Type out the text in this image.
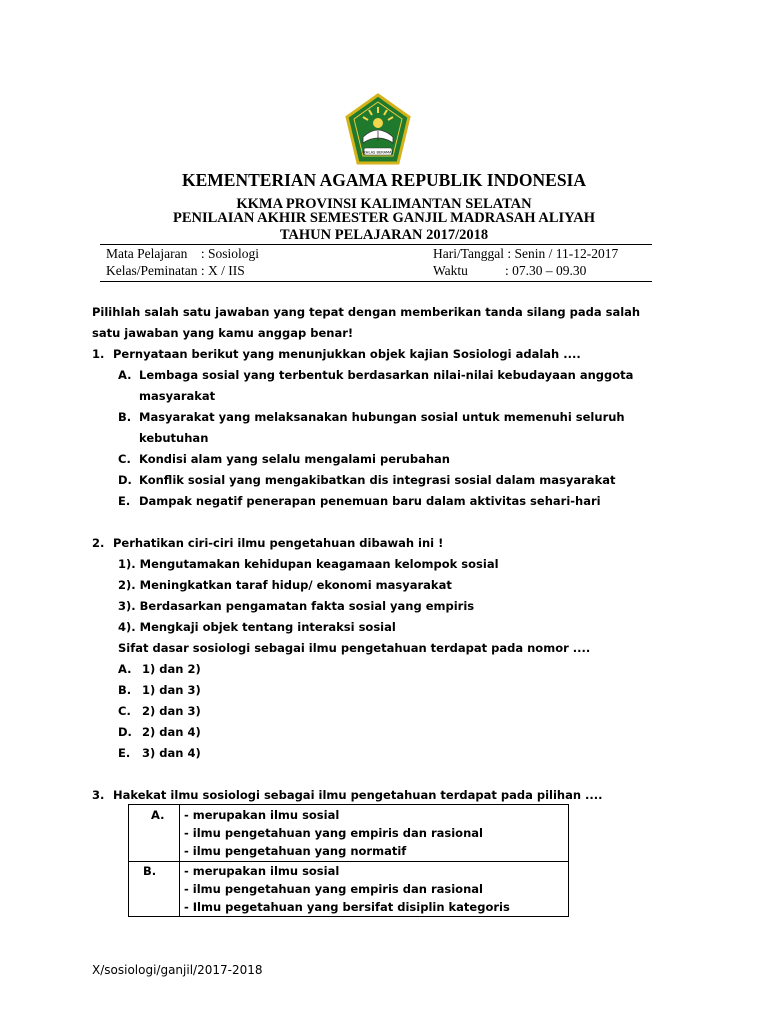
IKHLAS BERAMAL
KEMENTERIAN AGAMA REPUBLIK INDONESIA
KKMA PROVINSI KALIMANTAN SELATAN
PENILAIAN AKHIR SEMESTER GANJIL MADRASAH ALIYAH
TAHUN PELAJARAN 2017/2018
Mata Pelajaran    : Sosiologi
Kelas/Peminatan : X / IIS
Hari/Tanggal : Senin / 11-12-2017
Waktu           : 07.30 – 09.30
Pilihlah salah satu jawaban yang tepat dengan memberikan tanda silang pada salah
satu jawaban yang kamu anggap benar!
1. Pernyataan berikut yang menunjukkan objek kajian Sosiologi adalah ....
A. Lembaga sosial yang terbentuk berdasarkan nilai-nilai kebudayaan anggota
masyarakat
B. Masyarakat yang melaksanakan hubungan sosial untuk memenuhi seluruh
kebutuhan
C. Kondisi alam yang selalu mengalami perubahan
D. Konflik sosial yang mengakibatkan dis integrasi sosial dalam masyarakat
E. Dampak negatif penerapan penemuan baru dalam aktivitas sehari-hari
2. Perhatikan ciri-ciri ilmu pengetahuan dibawah ini !
1). Mengutamakan kehidupan keagamaan kelompok sosial
2). Meningkatkan taraf hidup/ ekonomi masyarakat
3). Berdasarkan pengamatan fakta sosial yang empiris
4). Mengkaji objek tentang interaksi sosial
Sifat dasar sosiologi sebagai ilmu pengetahuan terdapat pada nomor ....
A. 1) dan 2)
B. 1) dan 3)
C. 2) dan 3)
D. 2) dan 4)
E. 3) dan 4)
3. Hakekat ilmu sosiologi sebagai ilmu pengetahuan terdapat pada pilihan ....
A. - merupakan ilmu sosial
- ilmu pengetahuan yang empiris dan rasional
- ilmu pengetahuan yang normatif
B. - merupakan ilmu sosial
- ilmu pengetahuan yang empiris dan rasional
- Ilmu pegetahuan yang bersifat disiplin kategoris
X/sosiologi/ganjil/2017-2018
